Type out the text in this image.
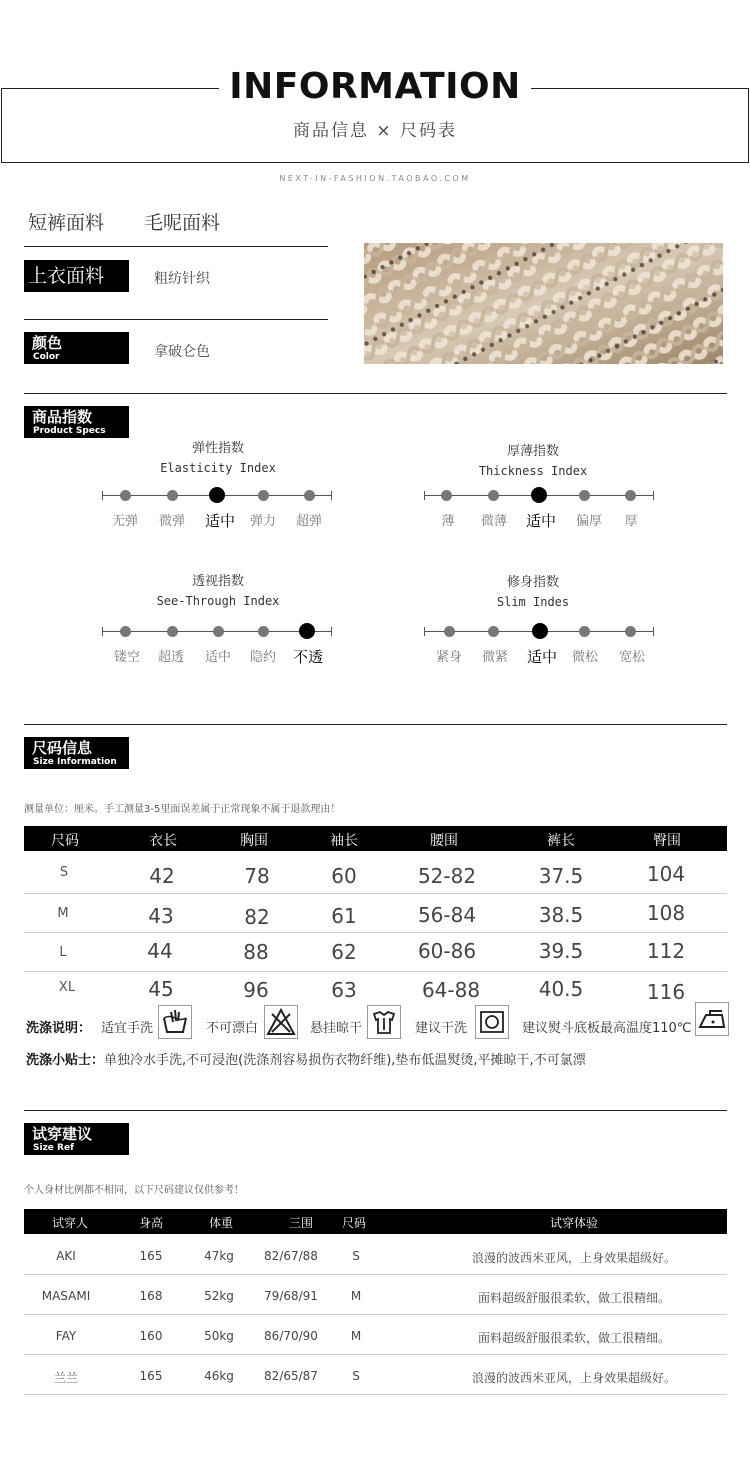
INFORMATION
商品信息 × 尺码表
NEXT-IN-FASHION.TAOBAO.COM
短裤面料 毛呢面料
上衣面料	粗纺针织
颜色
Color	拿破仑色
商品指数
Product Specs
弹性指数
Elasticity Index
无弹	微弹	适中	弹力	超弹
厚薄指数
Thickness Index
薄	微薄	适中	偏厚	厚
透视指数
See-Through Index
镂空	超透	适中	隐约	不透
修身指数
Slim Indes
紧身	微紧	适中	微松	宽松
尺码信息
Size Information
测量单位：厘米。手工测量3-5里面误差属于正常现象不属于退款理由！
尺码	衣长	胸围	袖长	腰围	裤长	臀围
S	42	78	60	52-82	37.5	104
M	43	82	61	56-84	38.5	108
L	44	88	62	60-86	39.5	112
XL	45	96	63	64-88	40.5	116
洗涤说明： 适宜手洗	不可漂白	悬挂晾干	建议干洗	建议熨斗底板最高温度110℃
洗涤小贴士：单独冷水手洗,不可浸泡(洗涤剂容易损伤衣物纤维),垫布低温熨烫,平摊晾干,不可氯漂
试穿建议
Size Ref
个人身材比例都不相同，以下尺码建议仅供参考！
试穿人	身高	体重	三围	尺码	试穿体验
AKI	165	47kg	82/67/88	S	浪漫的波西米亚风，上身效果超级好。
MASAMI	168	52kg	79/68/91	M	面料超级舒服很柔软，做工很精细。
FAY	160	50kg	86/70/90	M	面料超级舒服很柔软，做工很精细。
兰兰	165	46kg	82/65/87	S	浪漫的波西米亚风，上身效果超级好。
